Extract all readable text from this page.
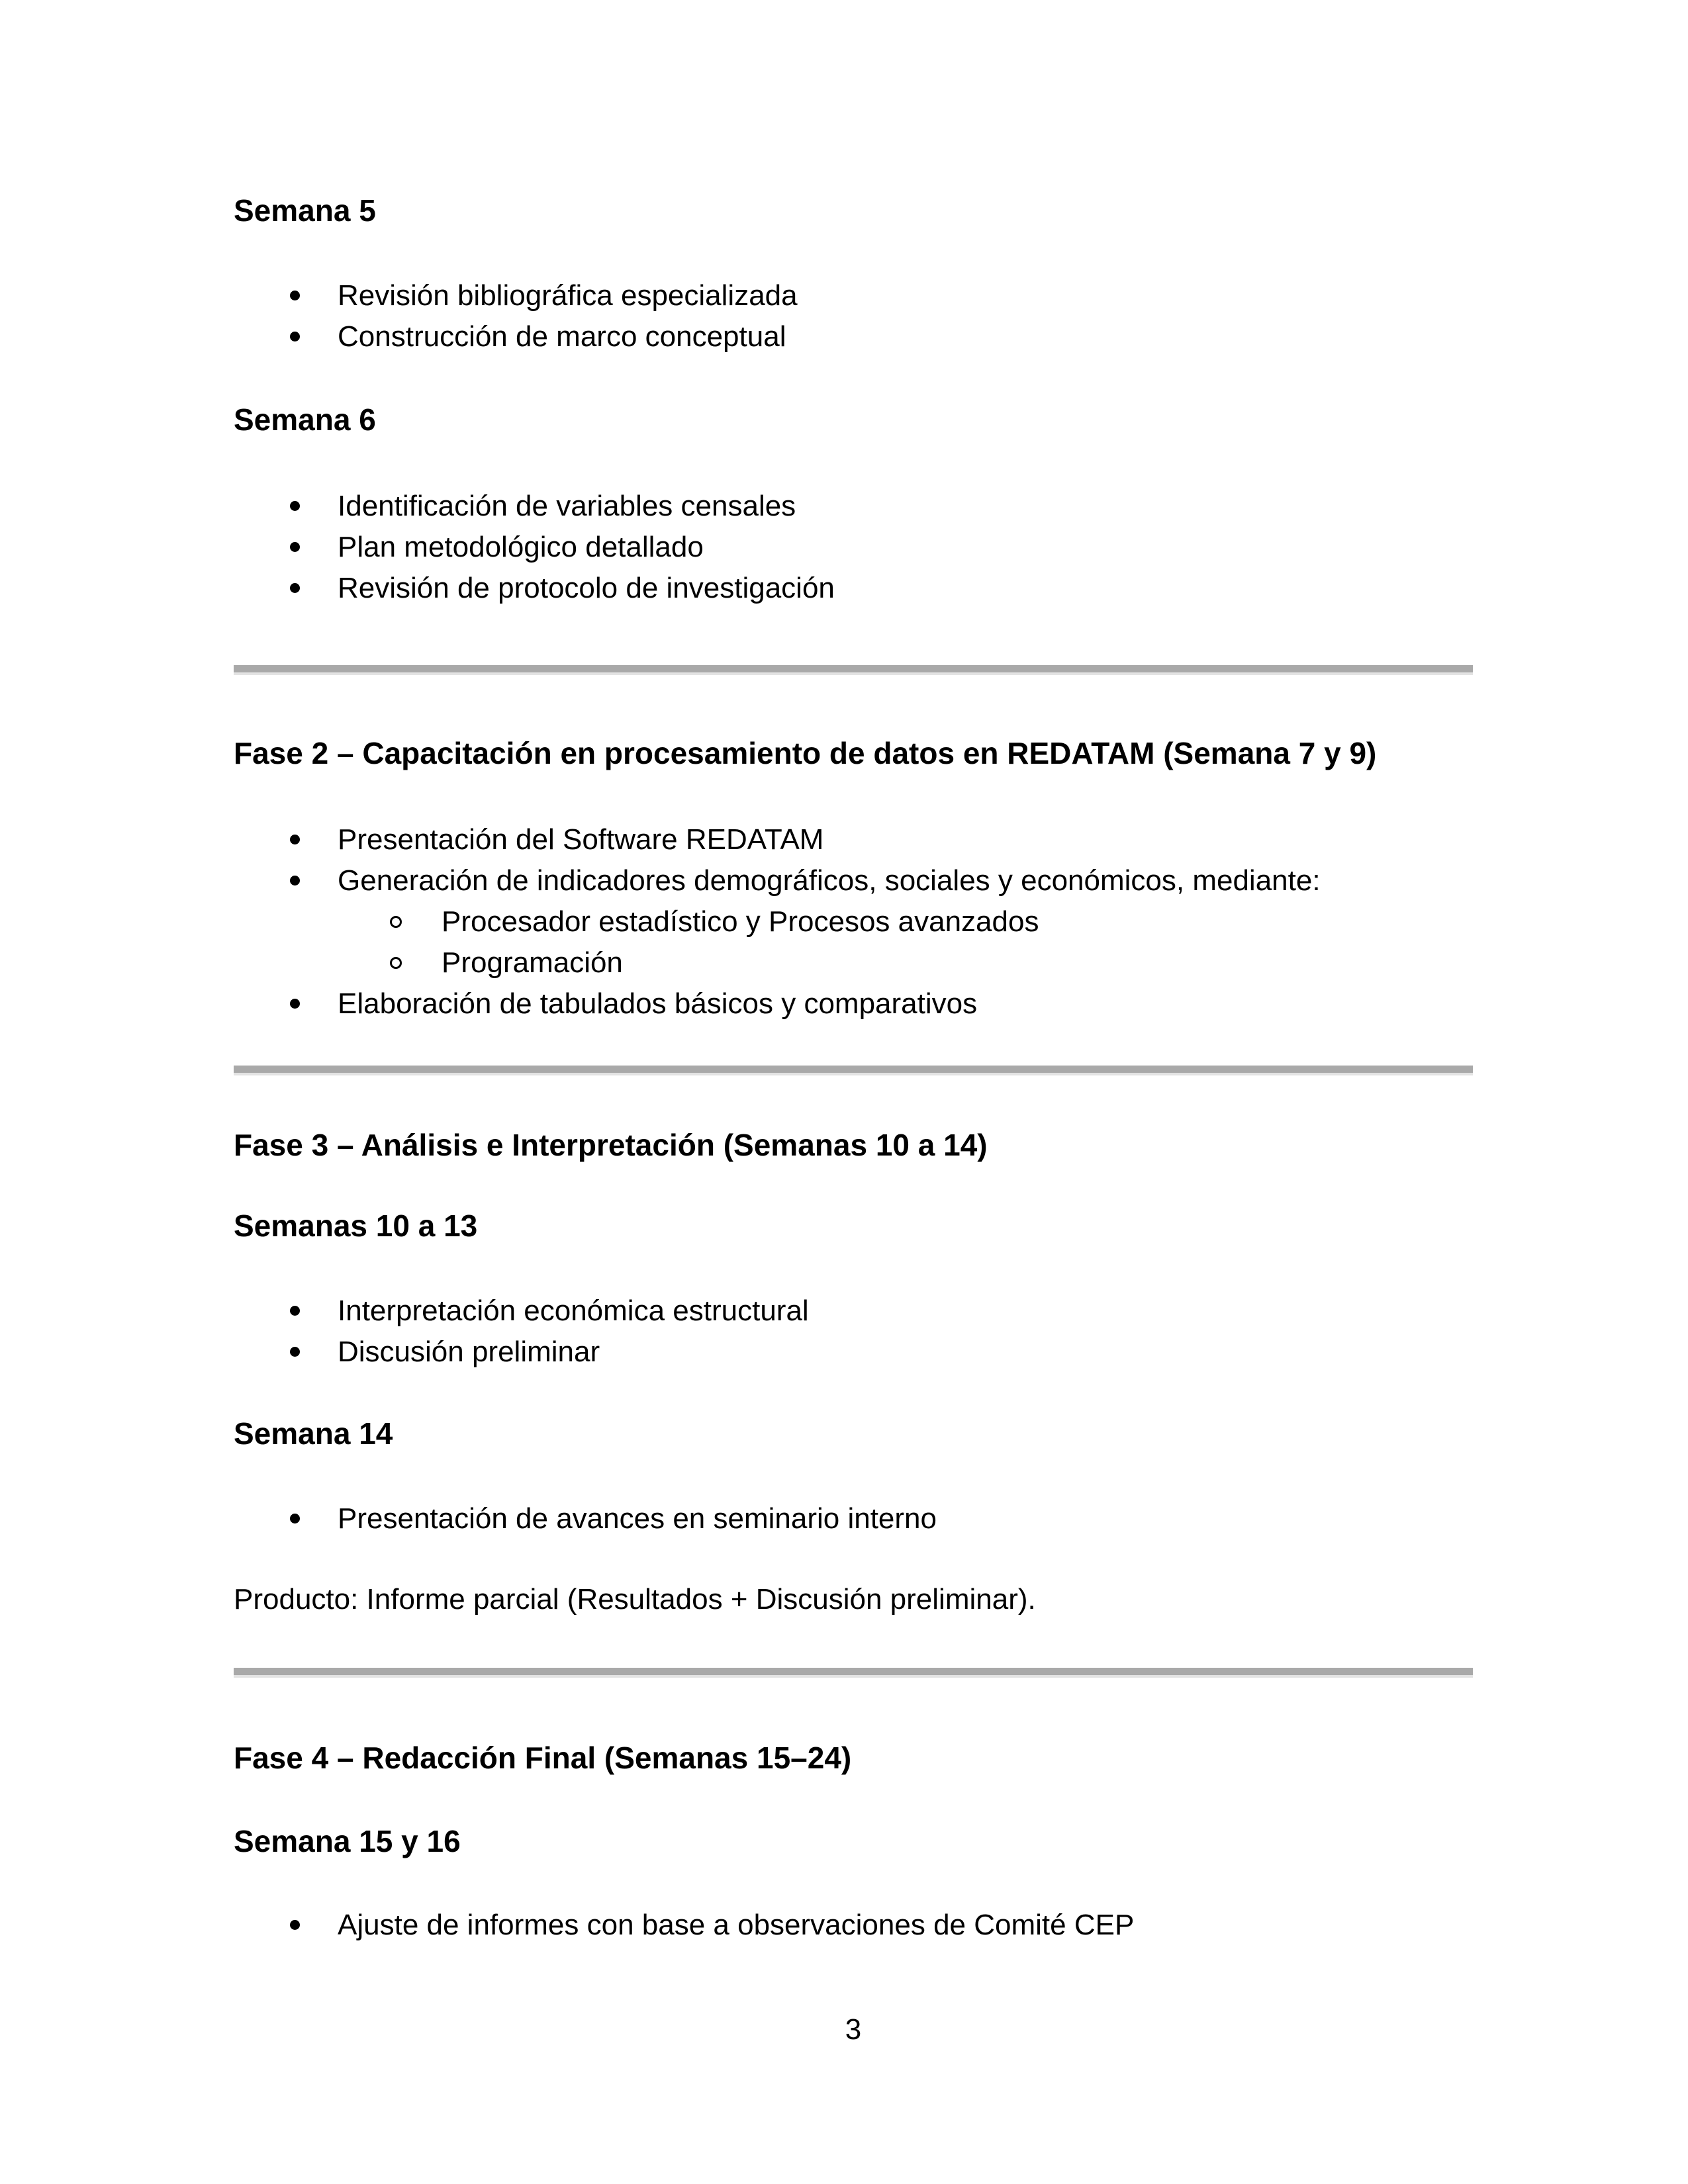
Semana 5
Revisión bibliográfica especializada
Construcción de marco conceptual
Semana 6
Identificación de variables censales
Plan metodológico detallado
Revisión de protocolo de investigación
Fase 2 – Capacitación en procesamiento de datos en REDATAM (Semana 7 y 9)
Presentación del Software REDATAM
Generación de indicadores demográficos, sociales y económicos, mediante:
Procesador estadístico y Procesos avanzados
Programación
Elaboración de tabulados básicos y comparativos
Fase 3 – Análisis e Interpretación (Semanas 10 a 14)
Semanas 10 a 13
Interpretación económica estructural
Discusión preliminar
Semana 14
Presentación de avances en seminario interno
Producto: Informe parcial (Resultados + Discusión preliminar).
Fase 4 – Redacción Final (Semanas 15–24)
Semana 15 y 16
Ajuste de informes con base a observaciones de Comité CEP
3
